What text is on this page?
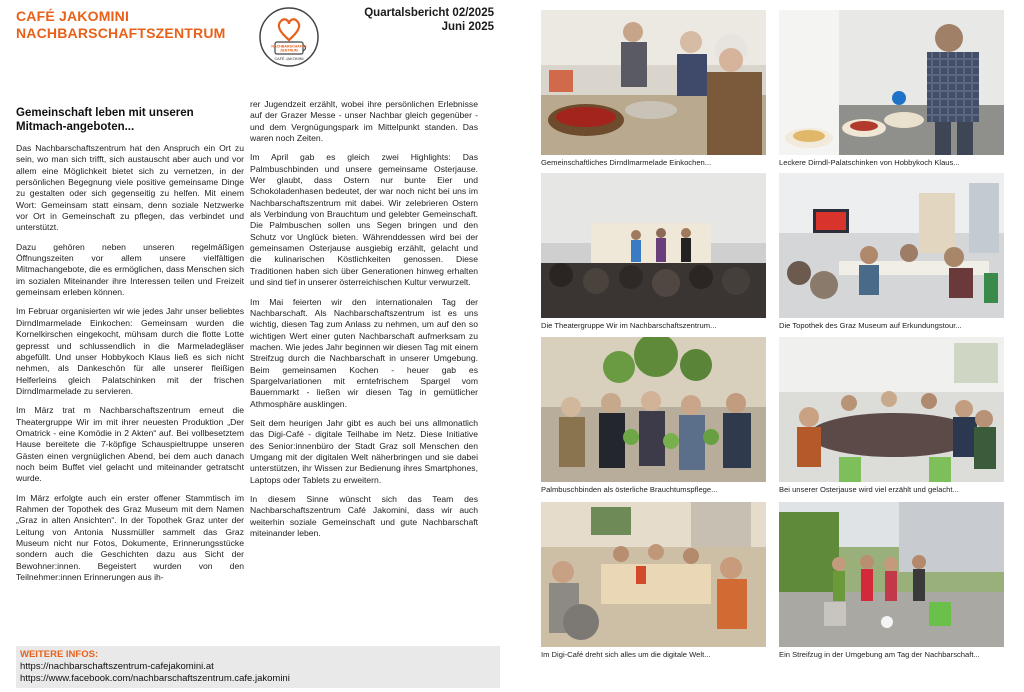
CAFÉ JAKOMINI
NACHBARSCHAFTSZENTRUM
NACHBARSCHAFTS
ZENTRUM
CAFÉ JAKOMINI
Quartalsbericht 02/2025
Juni 2025
Gemeinschaft leben mit unseren Mitmach-angeboten...

Das Nachbarschaftszentrum hat den Anspruch ein Ort zu sein, wo man sich trifft, sich austauscht aber auch und vor allem eine Möglichkeit bietet sich zu vernetzen, in der persönlichen Begegnung viele positive gemeinsame Dinge zu gestalten oder sich gegenseitig zu helfen. Mit einem Wort: Gemeinsam statt einsam, denn soziale Netzwerke vor Ort in Gemeinschaft zu pflegen, das verbindet und unterstützt.

Dazu gehören neben unseren regelmäßigen Öffnungszeiten vor allem unsere vielfältigen Mitmachangebote, die es ermöglichen, dass Menschen sich im sozialen Miteinander ihre Interessen teilen und Freizeit gemeinsam erleben können.

Im Februar organisierten wir wie jedes Jahr unser beliebtes Dirndlmarmelade Einkochen: Gemeinsam wurden die Kornelkirschen eingekocht, mühsam durch die flotte Lotte gepresst und schlussendlich in die Marmeladegläser abgefüllt. Und unser Hobbykoch Klaus ließ es sich nicht nehmen, als Dankeschön für alle unserer fleißigen Helferleins gleich Palatschinken mit der frischen Dirndlmarmelade zu servieren.

Im März trat m Nachbarschaftszentrum erneut die Theatergruppe Wir im mit ihrer neuesten Produktion „Der Omatrick - eine Komödie in 2 Akten“ auf. Bei vollbesetztem Hause bereitete die 7-köpfige Schauspieltruppe unseren Gästen einen vergnüglichen Abend, bei dem auch danach noch beim Buffet viel gelacht und miteinander getratscht wurde.

Im März erfolgte auch ein erster offener Stammtisch im Rahmen der Topothek des Graz Museum mit dem Namen „Graz in alten Ansichten“. In der Topothek Graz unter der Leitung von Antonia Nussmüller sammelt das Graz Museum nicht nur Fotos, Dokumente, Erinnerungsstücke sondern auch die Geschichten dazu aus Sicht der Bewohner:innen. Begeistert wurden von den Teilnehmer:innen Erinnerungen aus ih-

rer Jugendzeit erzählt, wobei ihre persönlichen Erlebnisse auf der Grazer Messe - unser Nachbar gleich gegenüber - und dem Vergnügungspark im Mittelpunkt standen. Das waren noch Zeiten.

Im April gab es gleich zwei Highlights: Das Palmbuschbinden und unsere gemeinsame Osterjause. Wer glaubt, dass Ostern nur bunte Eier und Schokoladenhasen bedeutet, der war noch nicht bei uns im Nachbarschaftszentrum mit dabei. Wir zelebrieren Ostern als Verbindung von Brauchtum und gelebter Gemeinschaft. Die Palmbuschen sollen uns Segen bringen und den Schutz vor Unglück bieten. Währenddessen wird bei der gemeinsamen Osterjause ausgiebig erzählt, gelacht und die kulinarischen Köstlichkeiten genossen. Diese Traditionen haben sich über Generationen hinweg erhalten und sind tief in unserer österreichischen Kultur verwurzelt.

Im Mai feierten wir den internationalen Tag der Nachbarschaft. Als Nachbarschaftszentrum ist es uns wichtig, diesen Tag zum Anlass zu nehmen, um auf den so wichtigen Wert einer guten Nachbarschaft aufmerksam zu machen. Wie jedes Jahr beginnen wir diesen Tag mit einem Streifzug durch die Nachbarschaft in unserer Umgebung. Beim gemeinsamen Kochen - heuer gab es Spargelvariationen mit erntefrischem Spargel vom Bauernmarkt - ließen wir diesen Tag in gemütlicher Athmosphäre ausklingen.

Seit dem heurigen Jahr gibt es auch bei uns allmonatlich das Digi-Café - digitale Teilhabe im Netz. Diese Initiative des Senior:innenbüro der Stadt Graz soll Menschen den Umgang mit der digitalen Welt näherbringen und sie dabei unterstützen, ihr Wissen zur Bedienung ihres Smartphones, Laptops oder Tablets zu erweitern.

In diesem Sinne wünscht sich das Team des Nachbarschaftszentrum Café Jakomini, dass wir auch weiterhin soziale Gemeinschaft und gute Nachbarschaft miteinander leben.

WEITERE INFOS:
https://nachbarschaftszentrum-cafejakomini.at
https://www.facebook.com/nachbarschaftszentrum.cafe.jakomini
Gemeinschaftliches Dirndlmarmelade Einkochen...	Leckere Dirndl-Palatschinken von Hobbykoch Klaus...
Die Theatergruppe Wir im Nachbarschaftszentrum...	Die Topothek des Graz Museum auf Erkundungstour...
Palmbuschbinden als österliche Brauchtumspflege...	Bei unserer Osterjause wird viel erzählt und gelacht...
Im Digi-Café dreht sich alles um die digitale Welt...	Ein Streifzug in der Umgebung am Tag der Nachbarschaft...
